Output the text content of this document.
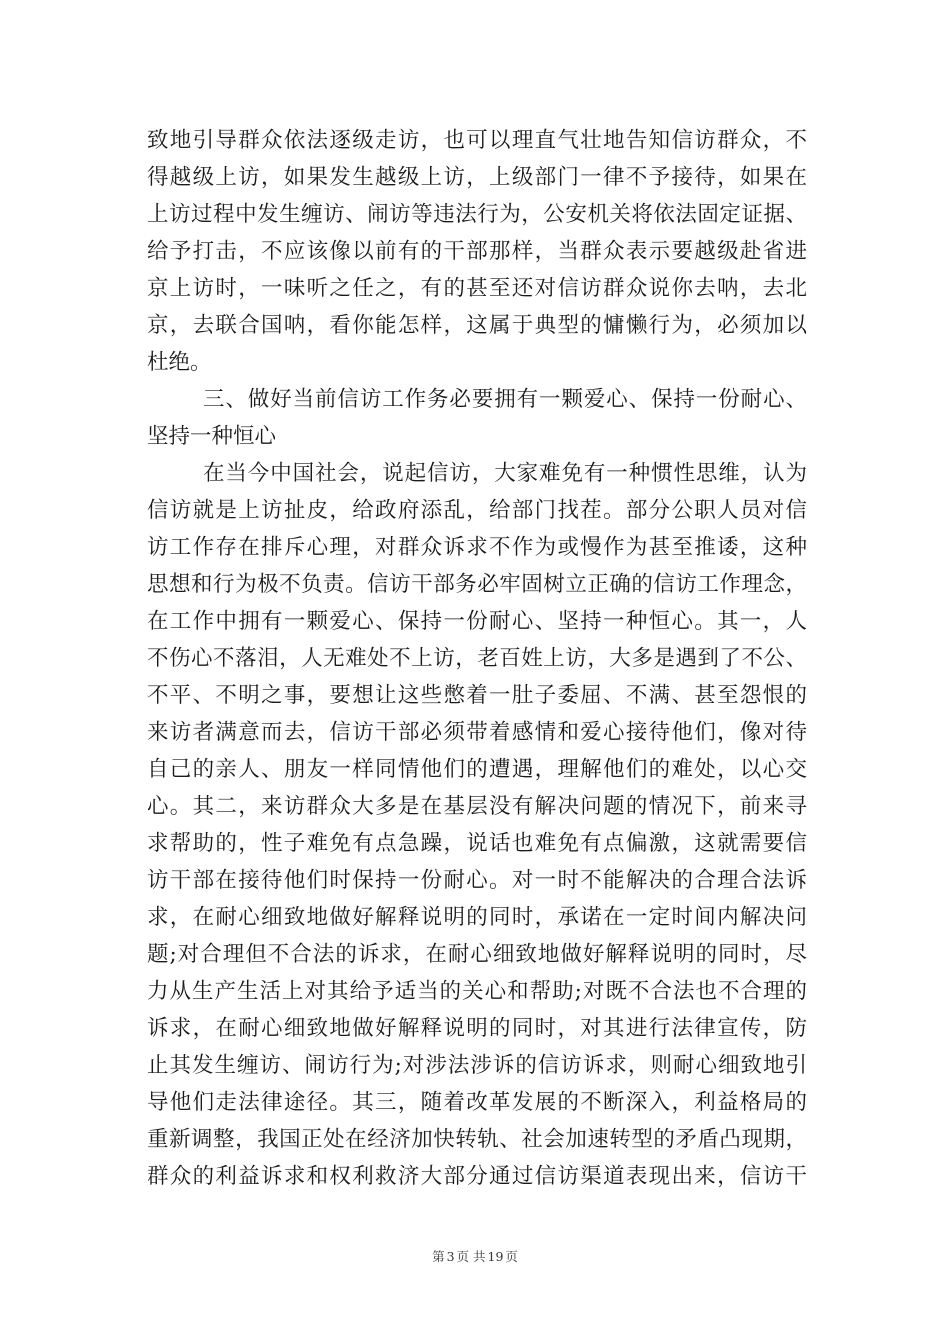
致地引导群众依法逐级走访，也可以理直气壮地告知信访群众，不
得越级上访，如果发生越级上访，上级部门一律不予接待，如果在
上访过程中发生缠访、闹访等违法行为，公安机关将依法固定证据、
给予打击，不应该像以前有的干部那样，当群众表示要越级赴省进
京上访时，一味听之任之，有的甚至还对信访群众说你去呐，去北
京，去联合国呐，看你能怎样，这属于典型的慵懒行为，必须加以
杜绝。
三、做好当前信访工作务必要拥有一颗爱心、保持一份耐心、
坚持一种恒心
在当今中国社会，说起信访，大家难免有一种惯性思维，认为
信访就是上访扯皮，给政府添乱，给部门找茬。部分公职人员对信
访工作存在排斥心理，对群众诉求不作为或慢作为甚至推诿，这种
思想和行为极不负责。信访干部务必牢固树立正确的信访工作理念，
在工作中拥有一颗爱心、保持一份耐心、坚持一种恒心。其一，人
不伤心不落泪，人无难处不上访，老百姓上访，大多是遇到了不公、
不平、不明之事，要想让这些憋着一肚子委屈、不满、甚至怨恨的
来访者满意而去，信访干部必须带着感情和爱心接待他们，像对待
自己的亲人、朋友一样同情他们的遭遇，理解他们的难处，以心交
心。其二，来访群众大多是在基层没有解决问题的情况下，前来寻
求帮助的，性子难免有点急躁，说话也难免有点偏激，这就需要信
访干部在接待他们时保持一份耐心。对一时不能解决的合理合法诉
求，在耐心细致地做好解释说明的同时，承诺在一定时间内解决问
题;对合理但不合法的诉求，在耐心细致地做好解释说明的同时，尽
力从生产生活上对其给予适当的关心和帮助;对既不合法也不合理的
诉求，在耐心细致地做好解释说明的同时，对其进行法律宣传，防
止其发生缠访、闹访行为;对涉法涉诉的信访诉求，则耐心细致地引
导他们走法律途径。其三，随着改革发展的不断深入，利益格局的
重新调整，我国正处在经济加快转轨、社会加速转型的矛盾凸现期，
群众的利益诉求和权利救济大部分通过信访渠道表现出来，信访干
第 3 页 共 19 页
